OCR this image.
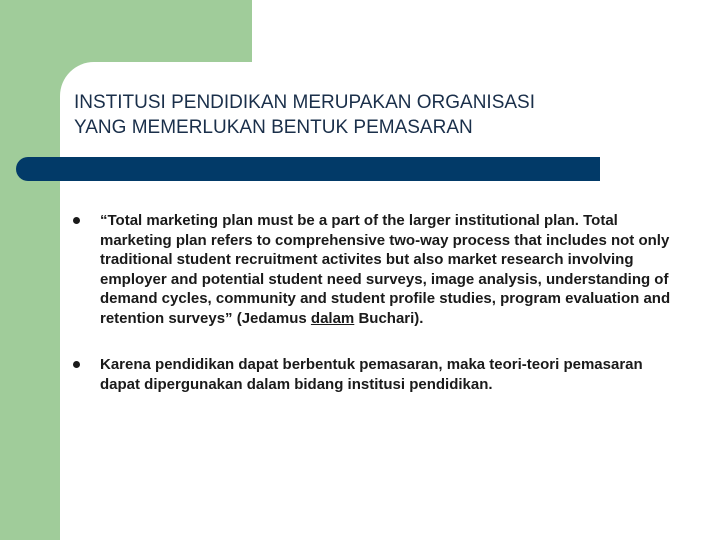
INSTITUSI PENDIDIKAN MERUPAKAN ORGANISASI
YANG MEMERLUKAN BENTUK PEMASARAN
“Total marketing plan must be a part of the larger institutional plan. Total marketing plan refers to comprehensive two-way process that includes not only traditional student recruitment activites but also market research involving employer and potential student need surveys, image analysis, understanding of demand cycles, community and student profile studies, program evaluation and retention surveys” (Jedamus dalam Buchari).
Karena pendidikan dapat berbentuk pemasaran, maka teori-teori pemasaran dapat dipergunakan dalam bidang institusi pendidikan.
